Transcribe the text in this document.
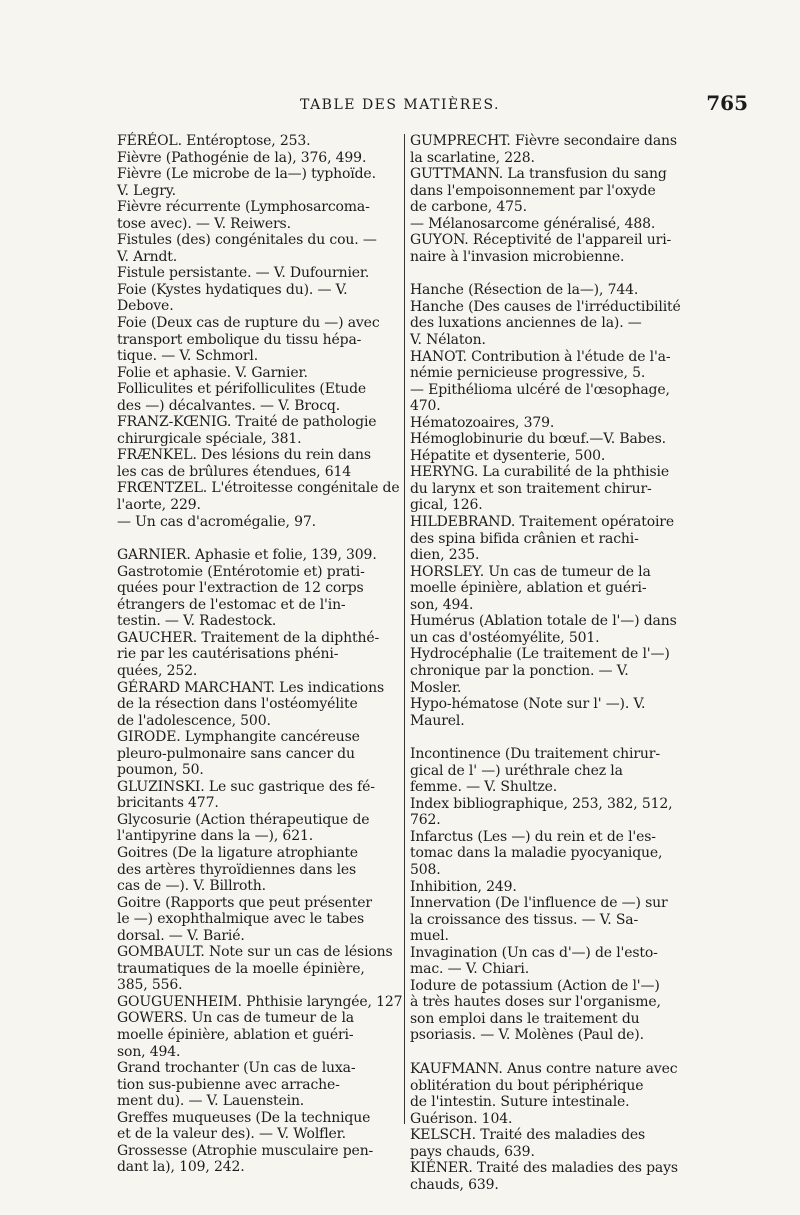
TABLE DES MATIÈRES.	765
FÉRÉOL. Entéroptose, 253.
Fièvre (Pathogénie de la), 376, 499.
Fièvre (Le microbe de la—) typhoïde.
V. Legry.
Fièvre récurrente (Lymphosarcoma-
tose avec). — V. Reiwers.
Fistules (des) congénitales du cou. —
V. Arndt.
Fistule persistante. — V. Dufournier.
Foie (Kystes hydatiques du). — V.
Debove.
Foie (Deux cas de rupture du —) avec
transport embolique du tissu hépa-
tique. — V. Schmorl.
Folie et aphasie. V. Garnier.
Folliculites et périfolliculites (Etude
des —) décalvantes. — V. Brocq.
FRANZ-KŒNIG. Traité de pathologie
chirurgicale spéciale, 381.
FRÆNKEL. Des lésions du rein dans
les cas de brûlures étendues, 614
FRŒNTZEL. L'étroitesse congénitale de
l'aorte, 229.
— Un cas d'acromégalie, 97.
GARNIER. Aphasie et folie, 139, 309.
Gastrotomie (Entérotomie et) prati-
quées pour l'extraction de 12 corps
étrangers de l'estomac et de l'in-
testin. — V. Radestock.
GAUCHER. Traitement de la diphthé-
rie par les cautérisations phéni-
quées, 252.
GÉRARD MARCHANT. Les indications
de la résection dans l'ostéomyélite
de l'adolescence, 500.
GIRODE. Lymphangite cancéreuse
pleuro-pulmonaire sans cancer du
poumon, 50.
GLUZINSKI. Le suc gastrique des fé-
bricitants 477.
Glycosurie (Action thérapeutique de
l'antipyrine dans la —), 621.
Goitres (De la ligature atrophiante
des artères thyroïdiennes dans les
cas de —). V. Billroth.
Goitre (Rapports que peut présenter
le —) exophthalmique avec le tabes
dorsal. — V. Barié.
GOMBAULT. Note sur un cas de lésions
traumatiques de la moelle épinière,
385, 556.
GOUGUENHEIM. Phthisie laryngée, 127
GOWERS. Un cas de tumeur de la
moelle épinière, ablation et guéri-
son, 494.
Grand trochanter (Un cas de luxa-
tion sus-pubienne avec arrache-
ment du). — V. Lauenstein.
Greffes muqueuses (De la technique
et de la valeur des). — V. Wolfler.
Grossesse (Atrophie musculaire pen-
dant la), 109, 242.
GUMPRECHT. Fièvre secondaire dans
la scarlatine, 228.
GUTTMANN. La transfusion du sang
dans l'empoisonnement par l'oxyde
de carbone, 475.
— Mélanosarcome généralisé, 488.
GUYON. Réceptivité de l'appareil uri-
naire à l'invasion microbienne.
Hanche (Résection de la—), 744.
Hanche (Des causes de l'irréductibilité
des luxations anciennes de la). —
V. Nélaton.
HANOT. Contribution à l'étude de l'a-
némie pernicieuse progressive, 5.
— Epithélioma ulcéré de l'œsophage,
470.
Hématozoaires, 379.
Hémoglobinurie du bœuf.—V. Babes.
Hépatite et dysenterie, 500.
HERYNG. La curabilité de la phthisie
du larynx et son traitement chirur-
gical, 126.
HILDEBRAND. Traitement opératoire
des spina bifida crânien et rachi-
dien, 235.
HORSLEY. Un cas de tumeur de la
moelle épinière, ablation et guéri-
son, 494.
Humérus (Ablation totale de l'—) dans
un cas d'ostéomyélite, 501.
Hydrocéphalie (Le traitement de l'—)
chronique par la ponction. — V.
Mosler.
Hypo-hématose (Note sur l' —). V.
Maurel.
Incontinence (Du traitement chirur-
gical de l' —) uréthrale chez la
femme. — V. Shultze.
Index bibliographique, 253, 382, 512,
762.
Infarctus (Les —) du rein et de l'es-
tomac dans la maladie pyocyanique,
508.
Inhibition, 249.
Innervation (De l'influence de —) sur
la croissance des tissus. — V. Sa-
muel.
Invagination (Un cas d'—) de l'esto-
mac. — V. Chiari.
Iodure de potassium (Action de l'—)
à très hautes doses sur l'organisme,
son emploi dans le traitement du
psoriasis. — V. Molènes (Paul de).
KAUFMANN. Anus contre nature avec
oblitération du bout périphérique
de l'intestin. Suture intestinale.
Guérison. 104.
KELSCH. Traité des maladies des
pays chauds, 639.
KIÉNER. Traité des maladies des pays
chauds, 639.
